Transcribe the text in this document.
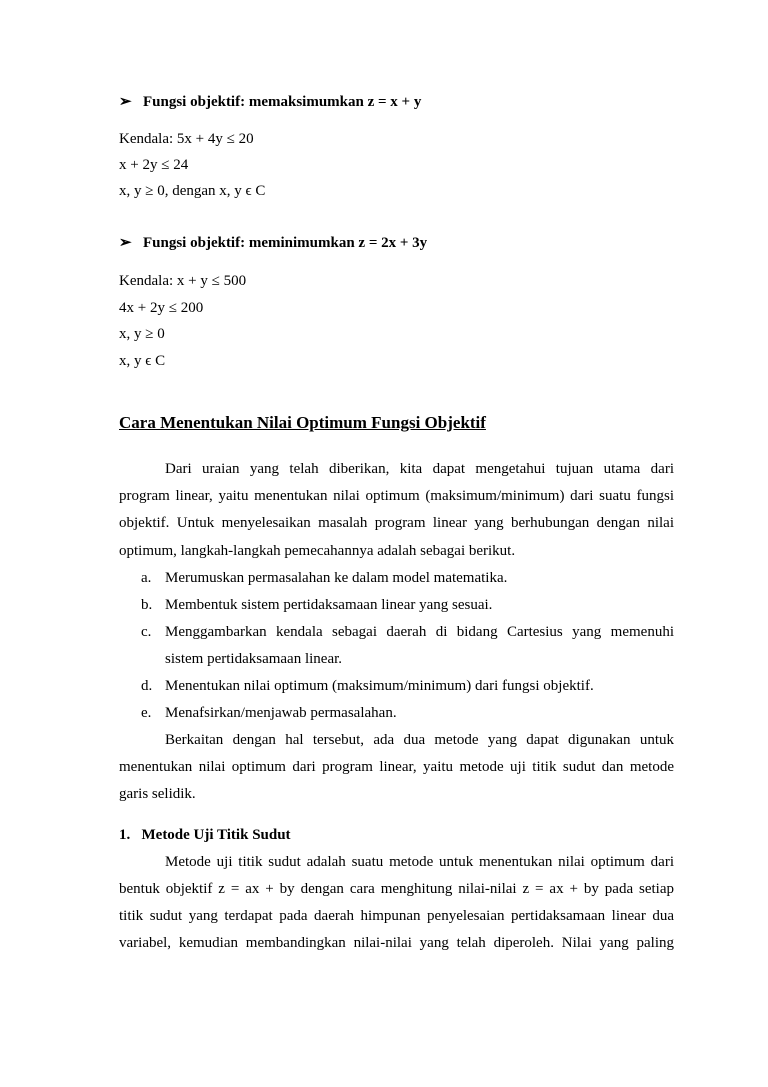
➢ Fungsi objektif: memaksimumkan z = x + y
Kendala: 5x + 4y ≤ 20
x + 2y ≤ 24
x, y ≥ 0, dengan x, y ϵ C
➢ Fungsi objektif: meminimumkan z = 2x + 3y
Kendala: x + y ≤ 500
4x + 2y ≤ 200
x, y ≥ 0
x, y ϵ C
Cara Menentukan Nilai Optimum Fungsi Objektif
Dari uraian yang telah diberikan, kita dapat mengetahui tujuan utama dari
program linear, yaitu menentukan nilai optimum (maksimum/minimum) dari suatu fungsi
objektif. Untuk menyelesaikan masalah program linear yang berhubungan dengan nilai
optimum, langkah-langkah pemecahannya adalah sebagai berikut.
a. Merumuskan permasalahan ke dalam model matematika.
b. Membentuk sistem pertidaksamaan linear yang sesuai.
c. Menggambarkan kendala sebagai daerah di bidang Cartesius yang memenuhi
sistem pertidaksamaan linear.
d. Menentukan nilai optimum (maksimum/minimum) dari fungsi objektif.
e. Menafsirkan/menjawab permasalahan.
Berkaitan dengan hal tersebut, ada dua metode yang dapat digunakan untuk
menentukan nilai optimum dari program linear, yaitu metode uji titik sudut dan metode
garis selidik.
1.   Metode Uji Titik Sudut
Metode uji titik sudut adalah suatu metode untuk menentukan nilai optimum dari
bentuk objektif z = ax + by dengan cara menghitung nilai-nilai z = ax + by pada setiap
titik sudut yang terdapat pada daerah himpunan penyelesaian pertidaksamaan linear dua
variabel, kemudian membandingkan nilai-nilai yang telah diperoleh. Nilai yang paling
